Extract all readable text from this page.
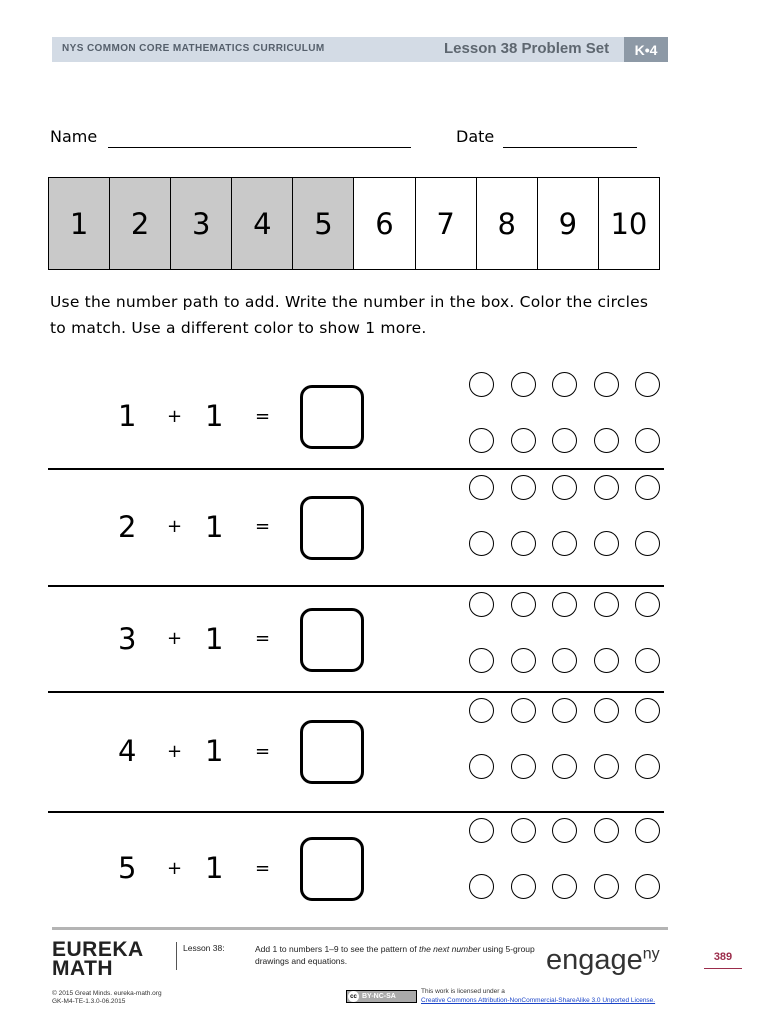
NYS COMMON CORE MATHEMATICS CURRICULUM	Lesson 38 Problem Set	K•4
Name	Date
1	2	3	4	5	6	7	8	9	10
Use the number path to add. Write the number in the box. Color the circles to match. Use a different color to show 1 more.
1 + 1 =
2 + 1 =
3 + 1 =
4 + 1 =
5 + 1 =
EUREKA
MATH
Lesson 38:	Add 1 to numbers 1–9 to see the pattern of the next number using 5-group drawings and equations.	engage$^{ny}$	389
© 2015 Great Minds. eureka-math.org
GK-M4-TE-1.3.0-06.2015
cc BY-NC-SA
This work is licensed under a
Creative Commons Attribution-NonCommercial-ShareAlike 3.0 Unported License.
